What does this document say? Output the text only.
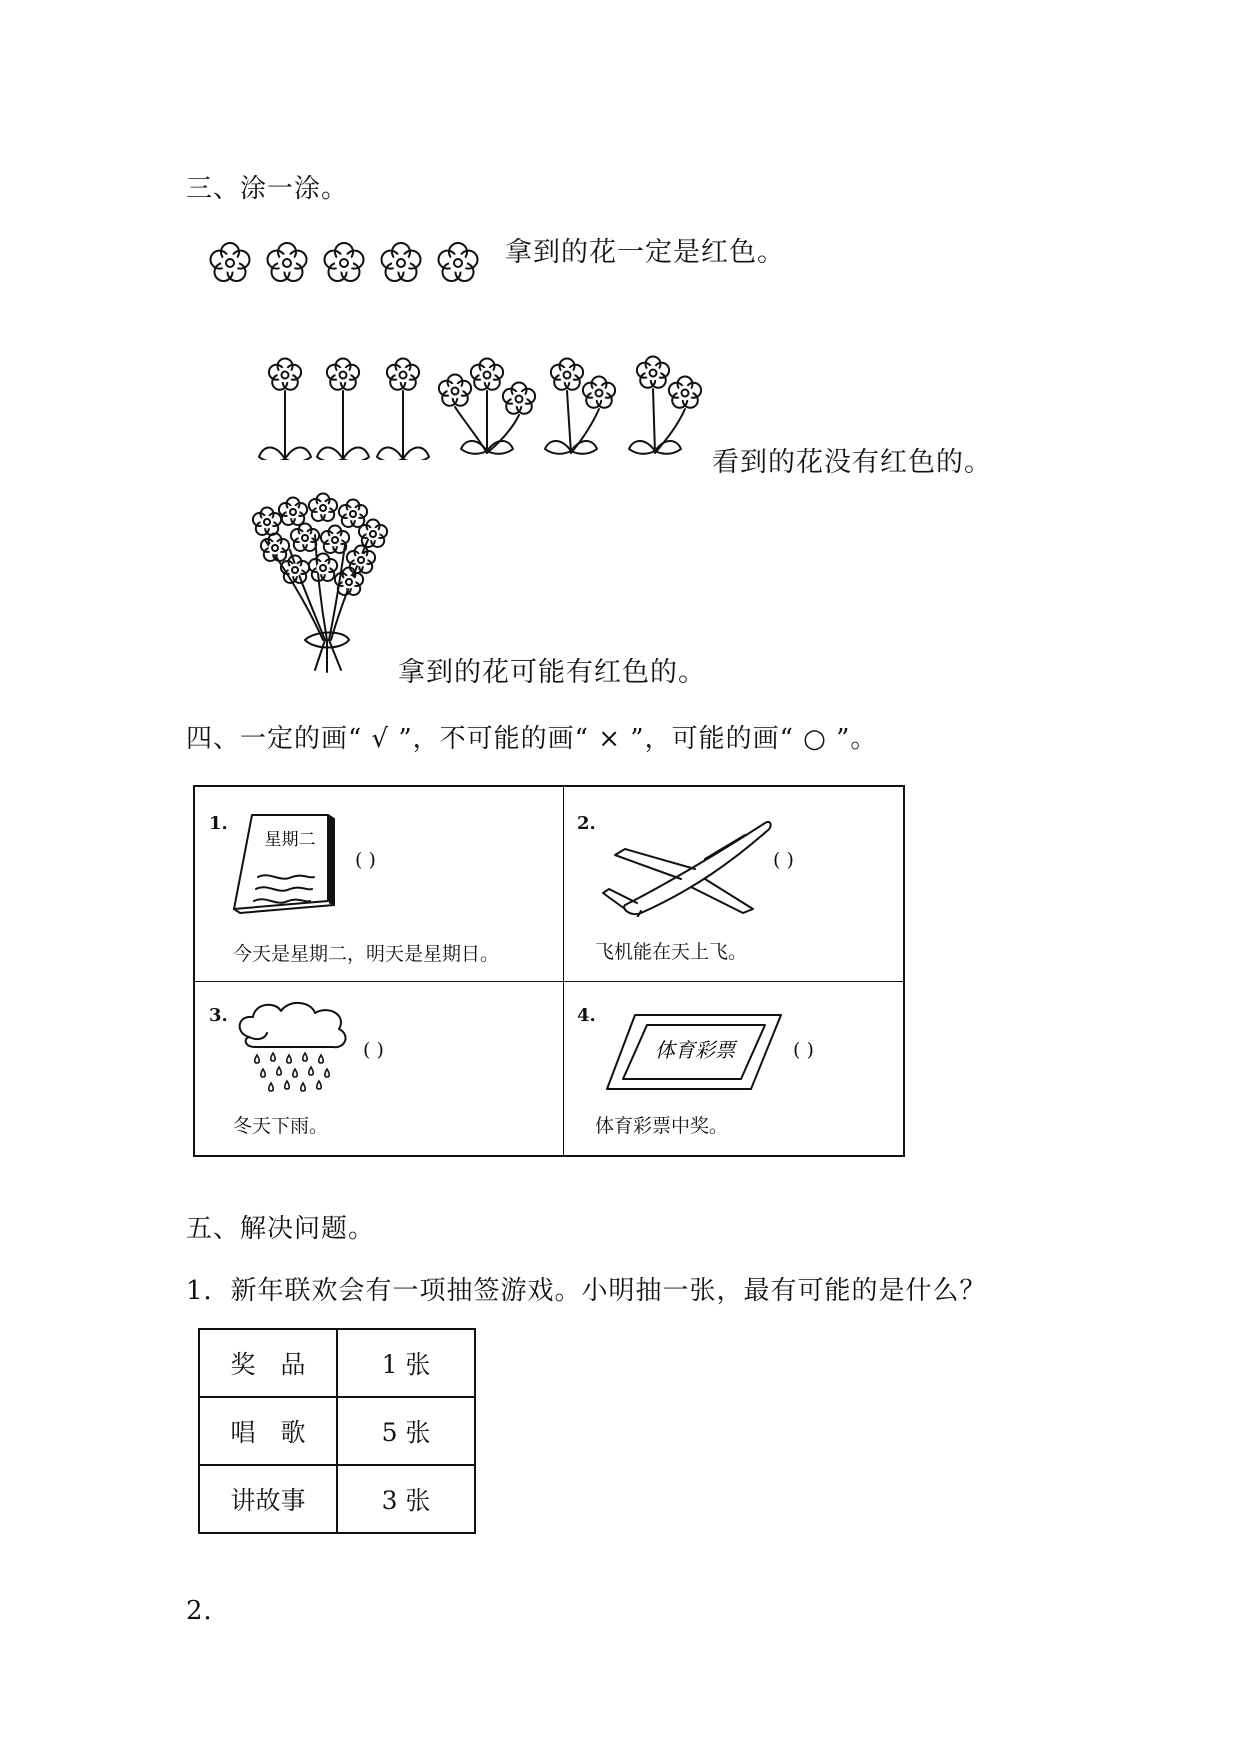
三、涂一涂。
拿到的花一定是红色。
看到的花没有红色的。
拿到的花可能有红色的。
四、一定的画“ √ ”，不可能的画“ × ”，可能的画“ ○ ”。
1.
星期二
( )
今天是星期二，明天是星期日。
2.
( )
飞机能在天上飞。
3.
( )
冬天下雨。
4.
体育彩票	( )
体育彩票中奖。
五、解决问题。
1．新年联欢会有一项抽签游戏。小明抽一张，最有可能的是什么？
奖　品	1 张
唱　歌	5 张
讲故事	3 张
2．
